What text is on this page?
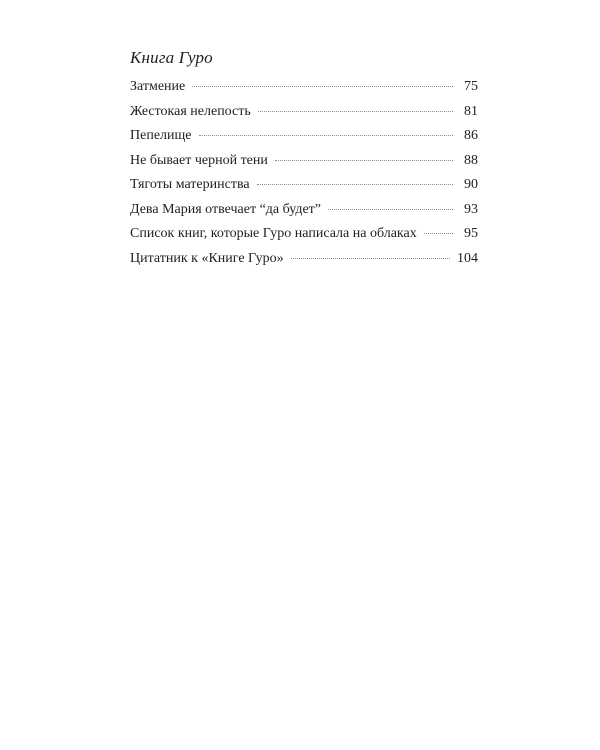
Книга Гуро
Затмение	75
Жестокая нелепость	81
Пепелище	86
Не бывает черной тени	88
Тяготы материнства	90
Дева Мария отвечает “да будет”	93
Список книг, которые Гуро написала на облаках	95
Цитатник к «Книге Гуро»	104
